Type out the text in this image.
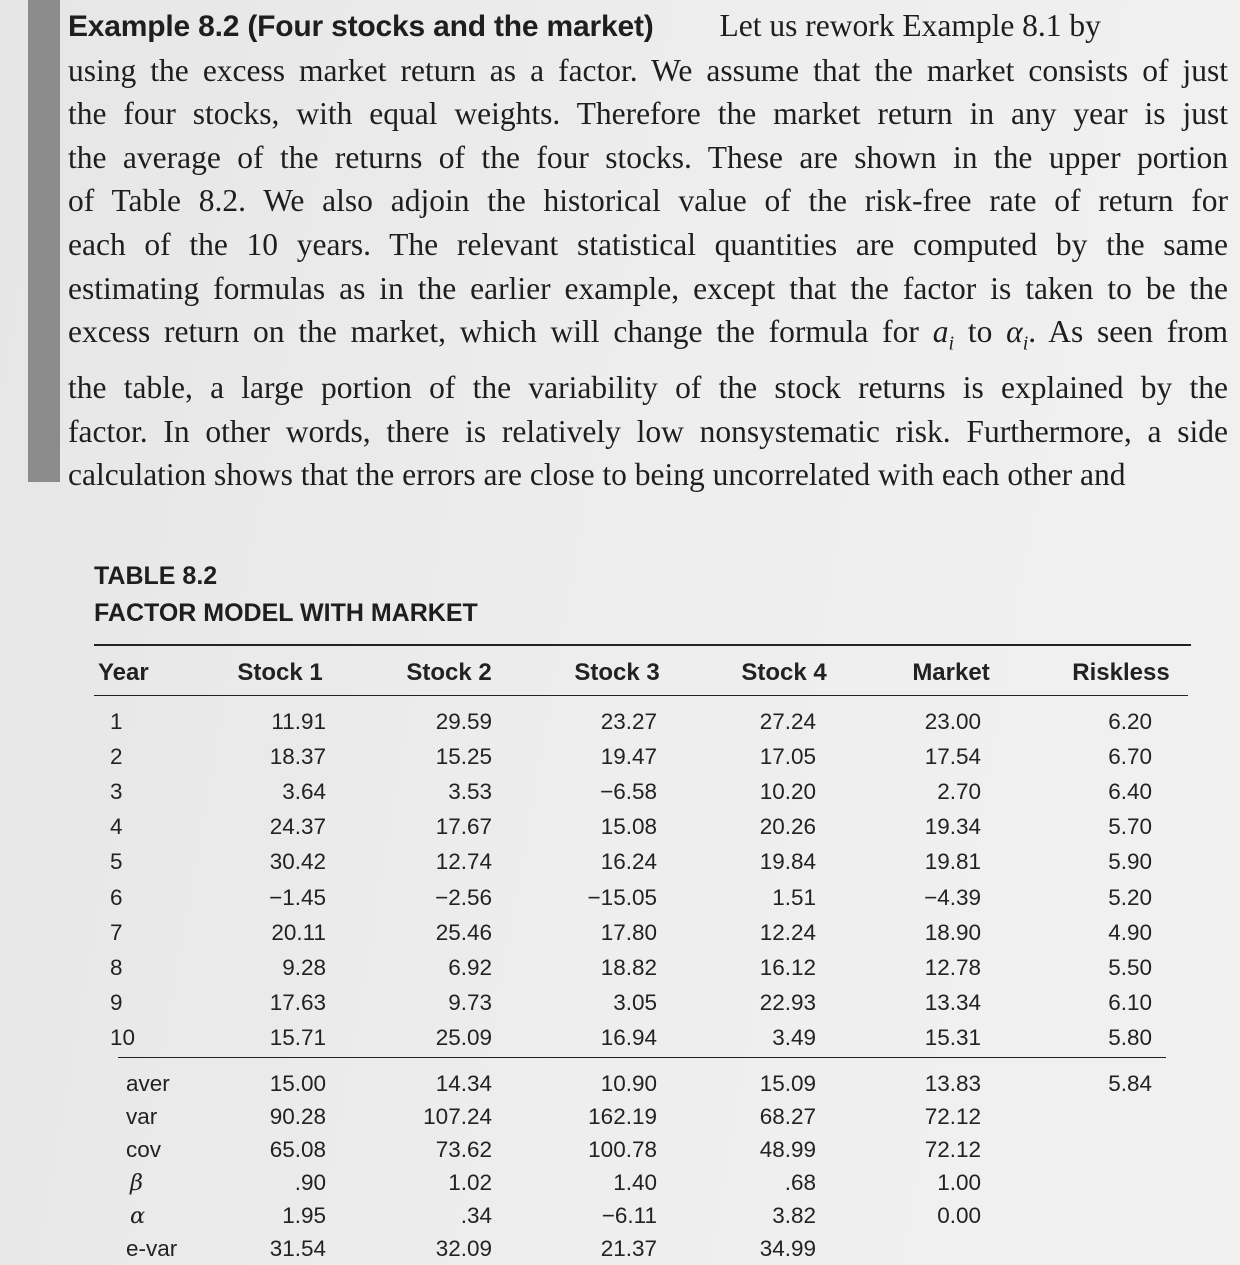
Example 8.2 (Four stocks and the market) Let us rework Example 8.1 by
using the excess market return as a factor. We assume that the market consists of just
the four stocks, with equal weights. Therefore the market return in any year is just
the average of the returns of the four stocks. These are shown in the upper portion
of Table 8.2. We also adjoin the historical value of the risk-free rate of return for
each of the 10 years. The relevant statistical quantities are computed by the same
estimating formulas as in the earlier example, except that the factor is taken to be the
excess return on the market, which will change the formula for $a_i$ to $\alpha_i$. As seen from
the table, a large portion of the variability of the stock returns is explained by the
factor. In other words, there is relatively low nonsystematic risk. Furthermore, a side
calculation shows that the errors are close to being uncorrelated with each other and
TABLE 8.2
FACTOR MODEL WITH MARKET
Year	Stock 1	Stock 2	Stock 3	Stock 4	Market	Riskless
1	11.91	29.59	23.27	27.24	23.00	6.20
2	18.37	15.25	19.47	17.05	17.54	6.70
3	3.64	3.53	−6.58	10.20	2.70	6.40
4	24.37	17.67	15.08	20.26	19.34	5.70
5	30.42	12.74	16.24	19.84	19.81	5.90
6	−1.45	−2.56	−15.05	1.51	−4.39	5.20
7	20.11	25.46	17.80	12.24	18.90	4.90
8	9.28	6.92	18.82	16.12	12.78	5.50
9	17.63	9.73	3.05	22.93	13.34	6.10
10	15.71	25.09	16.94	3.49	15.31	5.80
aver	15.00	14.34	10.90	15.09	13.83	5.84
var	90.28	107.24	162.19	68.27	72.12
cov	65.08	73.62	100.78	48.99	72.12
β	.90	1.02	1.40	.68	1.00
α	1.95	.34	−6.11	3.82	0.00
e-var	31.54	32.09	21.37	34.99
